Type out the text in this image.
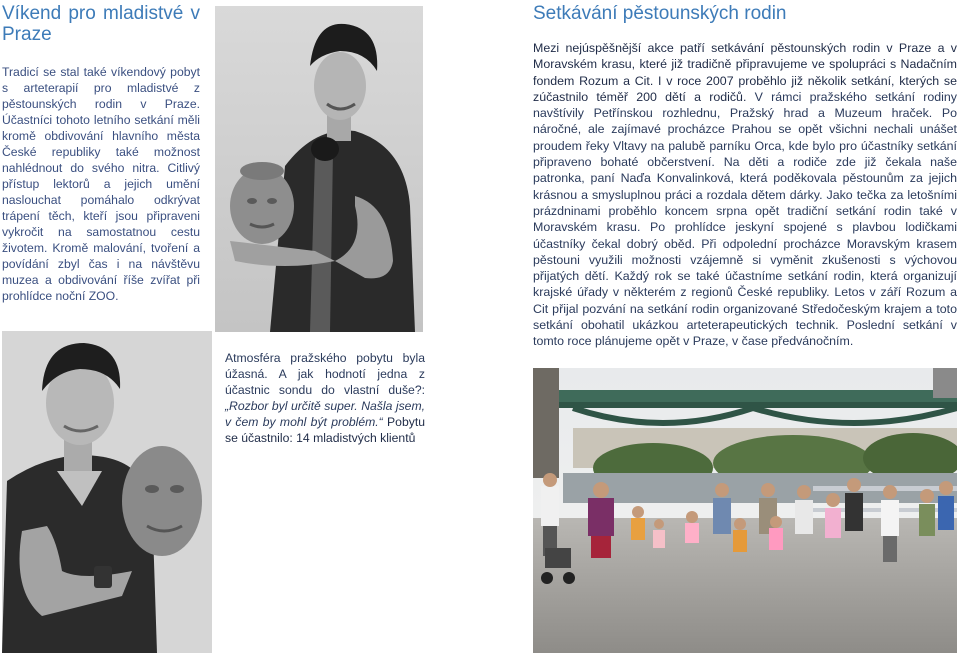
Víkend pro mladistvé v Praze

Tradicí se stal také víkendový pobyt s arteterapií pro mladistvé z pěstounských rodin v Praze. Účastníci tohoto letního setkání měli kromě obdivování hlavního města České republiky také možnost nahlédnout do svého nitra. Citlivý přístup lektorů a jejich umění naslouchat pomáhalo odkrývat trápení těch, kteří jsou připraveni vykročit na samostatnou cestu životem. Kromě malování, tvoření a povídání zbyl čas i na návštěvu muzea a obdivování říše zvířat při prohlídce noční ZOO.

Atmosféra pražského pobytu byla úžasná. A jak hodnotí jedna z účastnic sondu do vlastní duše?: „Rozbor byl určitě super. Našla jsem, v čem by mohl být problém.“ Pobytu se účastnilo: 14 mladistvých klientů
Setkávání pěstounských rodin

Mezi nejúspěšnější akce patří setkávání pěstounských rodin v Praze a v Moravském krasu, které již tradičně připravujeme ve spolupráci s Nadačním fondem Rozum a Cit. I v roce 2007 proběhlo již několik setkání, kterých se zúčastnilo téměř 200 dětí a rodičů. V rámci pražského setkání rodiny navštívily Petřínskou rozhlednu, Pražský hrad a Muzeum hraček. Po náročné, ale zajímavé procházce Prahou se opět všichni nechali unášet proudem řeky Vltavy na palubě parníku Orca, kde bylo pro účastníky setkání připraveno bohaté občerstvení. Na děti a rodiče zde již čekala naše patronka, paní Naďa Konvalinková, která poděkovala pěstounům za jejich krásnou a smysluplnou práci a rozdala dětem dárky. Jako tečka za letošními prázdninami proběhlo koncem srpna opět tradiční setkání rodin také v Moravském krasu. Po prohlídce jeskyní spojené s plavbou lodičkami účastníky čekal dobrý oběd. Při odpolední procházce Moravským krasem pěstouni využili možnosti vzájemně si vyměnit zkušenosti s výchovou přijatých dětí. Každý rok se také účastníme setkání rodin, která organizují krajské úřady v některém z regionů České republiky. Letos v září Rozum a Cit přijal pozvání na setkání rodin organizované Středočeským krajem a toto setkání obohatil ukázkou arteterapeutických technik. Poslední setkání v tomto roce plánujeme opět v Praze, v čase předvánočním.
